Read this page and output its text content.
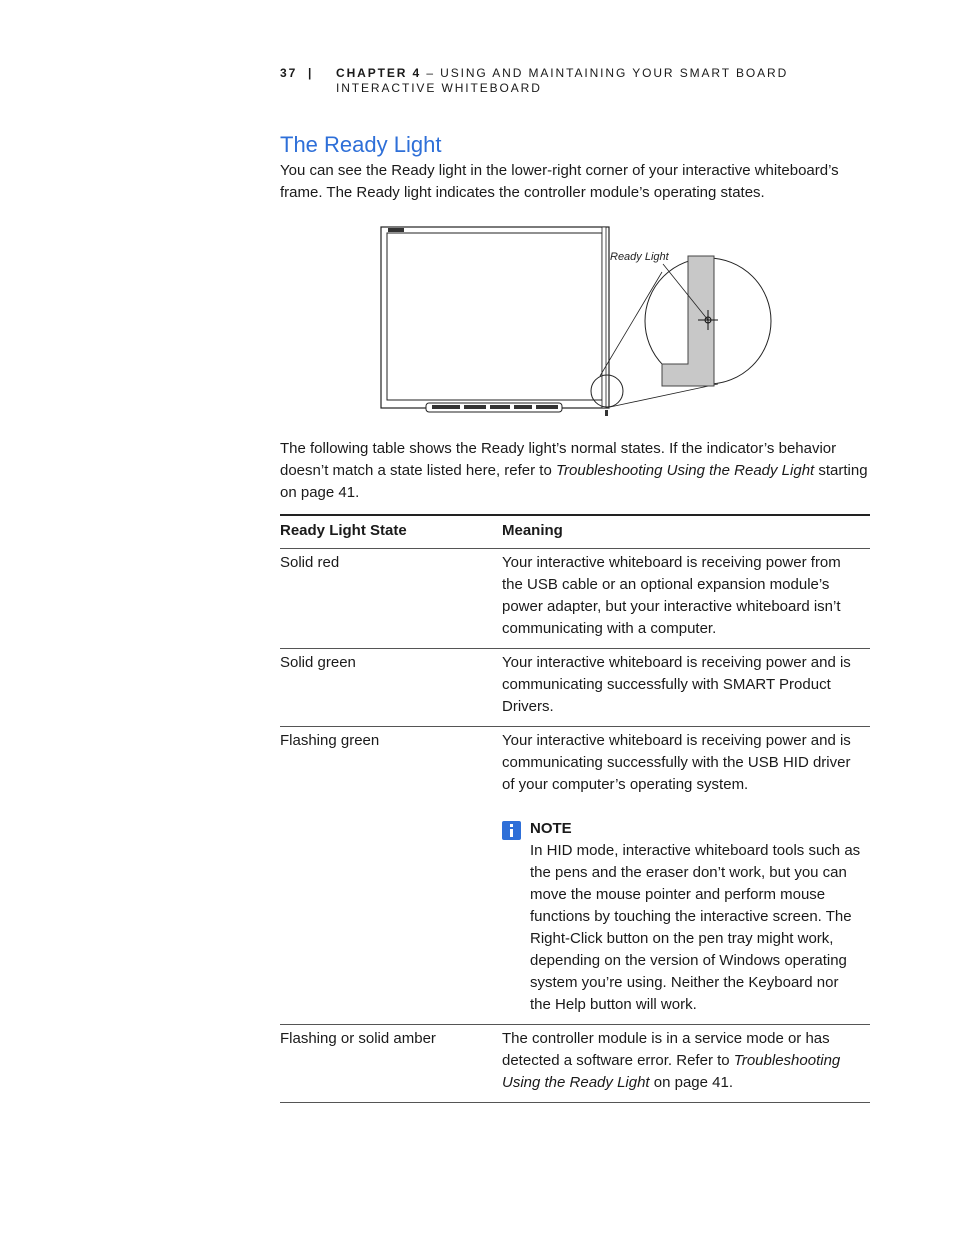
37 | CHAPTER 4 – USING AND MAINTAINING YOUR SMART BOARD INTERACTIVE WHITEBOARD
The Ready Light

You can see the Ready light in the lower-right corner of your interactive whiteboard’s frame. The Ready light indicates the controller module’s operating states.

Ready Light

The following table shows the Ready light’s normal states. If the indicator’s behavior doesn’t match a state listed here, refer to Troubleshooting Using the Ready Light starting on page 41.

Ready Light State	Meaning
Solid red	Your interactive whiteboard is receiving power from the USB cable or an optional expansion module’s power adapter, but your interactive whiteboard isn’t communicating with a computer.
Solid green	Your interactive whiteboard is receiving power and is communicating successfully with SMART Product Drivers.
Flashing green	Your interactive whiteboard is receiving power and is communicating successfully with the USB HID driver of your computer’s operating system.
NOTE
In HID mode, interactive whiteboard tools such as the pens and the eraser don’t work, but you can move the mouse pointer and perform mouse functions by touching the interactive screen. The Right-Click button on the pen tray might work, depending on the version of Windows operating system you’re using. Neither the Keyboard nor the Help button will work.

Flashing or solid amber	The controller module is in a service mode or has detected a software error. Refer to Troubleshooting Using the Ready Light on page 41.
